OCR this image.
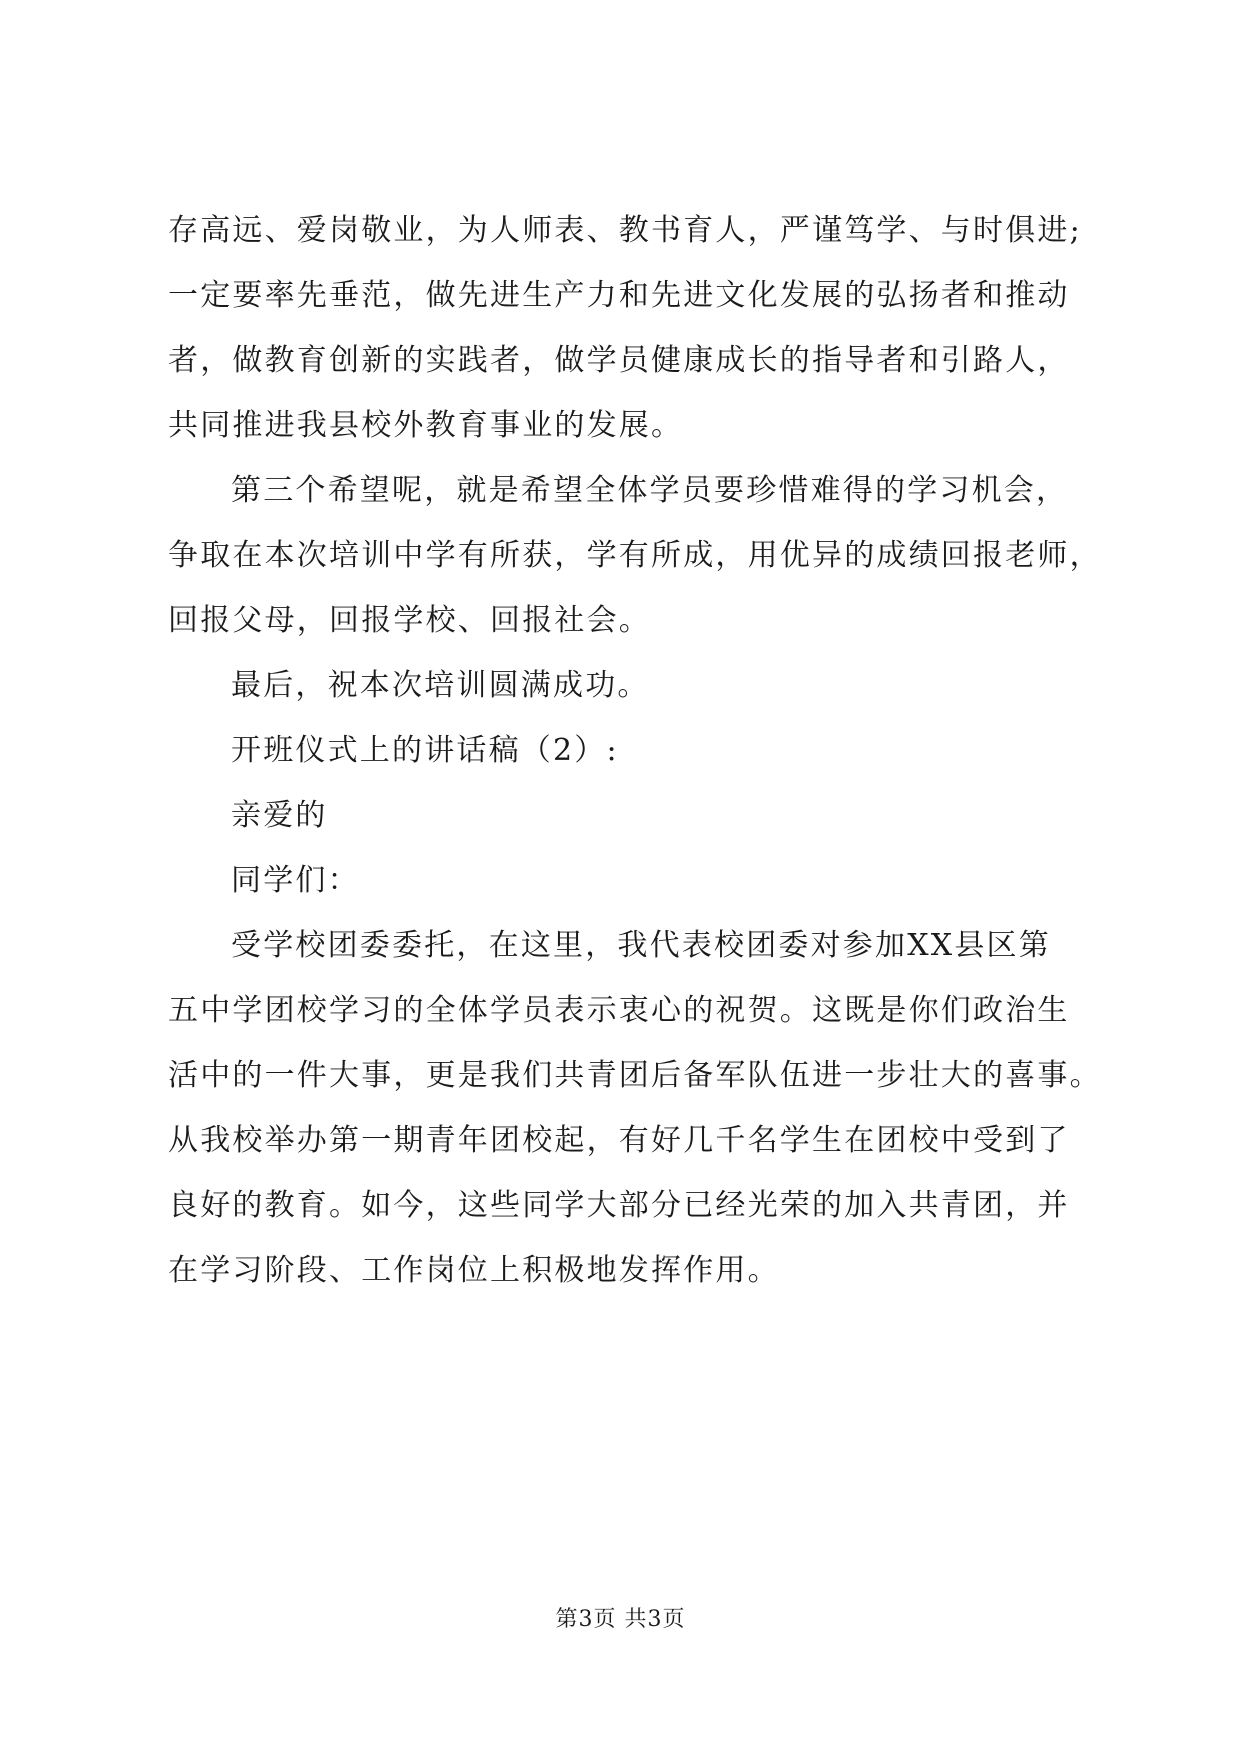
存高远、爱岗敬业，为人师表、教书育人，严谨笃学、与时俱进;
一定要率先垂范，做先进生产力和先进文化发展的弘扬者和推动
者，做教育创新的实践者，做学员健康成长的指导者和引路人，
共同推进我县校外教育事业的发展。
第三个希望呢，就是希望全体学员要珍惜难得的学习机会，
争取在本次培训中学有所获，学有所成，用优异的成绩回报老师，
回报父母，回报学校、回报社会。
最后，祝本次培训圆满成功。
开班仪式上的讲话稿（2）:
亲爱的
同学们：
受学校团委委托，在这里，我代表校团委对参加XX县区第
五中学团校学习的全体学员表示衷心的祝贺。这既是你们政治生
活中的一件大事，更是我们共青团后备军队伍进一步壮大的喜事。
从我校举办第一期青年团校起，有好几千名学生在团校中受到了
良好的教育。如今，这些同学大部分已经光荣的加入共青团，并
在学习阶段、工作岗位上积极地发挥作用。
第3页 共3页
